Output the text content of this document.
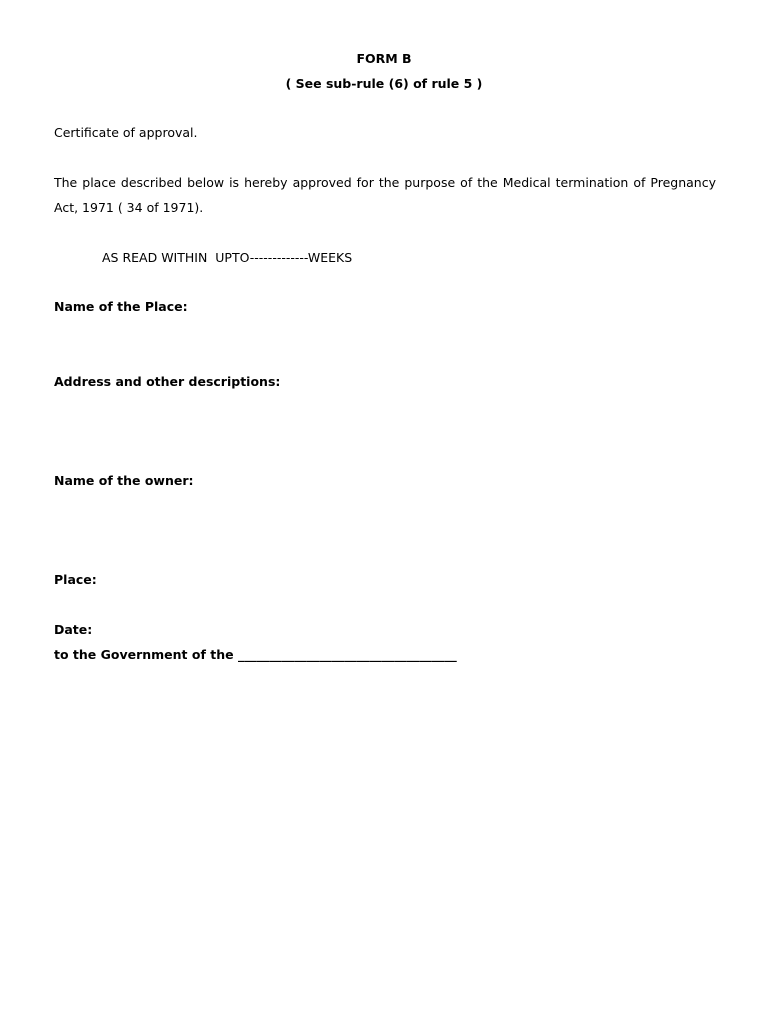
FORM B
( See sub-rule (6) of rule 5 )
Certificate of approval.
The place described below is hereby approved for the purpose of the Medical termination of Pregnancy Act, 1971 ( 34 of 1971).
AS READ WITHIN  UPTO-------------WEEKS
Name of the Place:
Address and other descriptions:
Name of the owner:
Place:
Date:
to the Government of the ___________________________________
